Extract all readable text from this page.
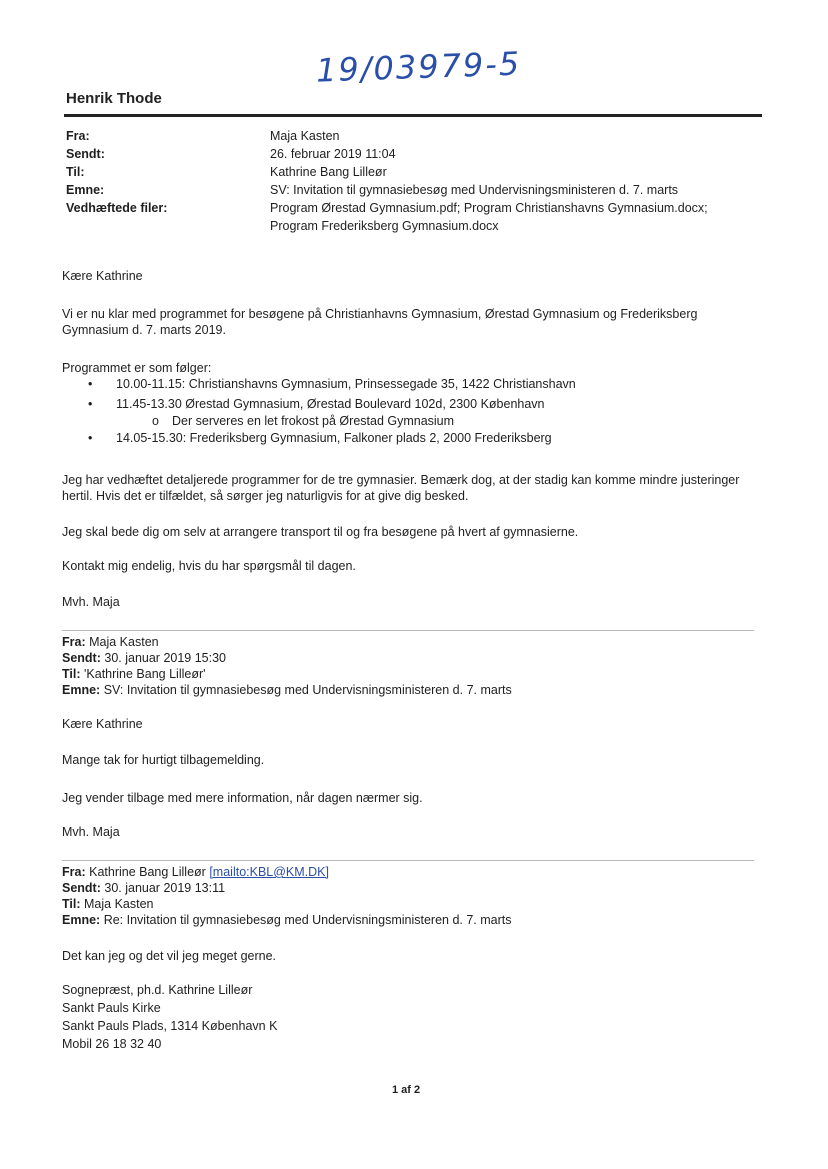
19/03979-5
Henrik Thode
Fra:	Maja Kasten
Sendt:	26. februar 2019 11:04
Til:	Kathrine Bang Lilleør
Emne:	SV: Invitation til gymnasiebesøg med Undervisningsministeren d. 7. marts
Vedhæftede filer:	Program Ørestad Gymnasium.pdf; Program Christianshavns Gymnasium.docx;
Program Frederiksberg Gymnasium.docx
Kære Kathrine
Vi er nu klar med programmet for besøgene på Christianhavns Gymnasium, Ørestad Gymnasium og Frederiksberg Gymnasium d. 7. marts 2019.
Programmet er som følger:
• 10.00-11.15: Christianshavns Gymnasium, Prinsessegade 35, 1422 Christianshavn
• 11.45-13.30 Ørestad Gymnasium, Ørestad Boulevard 102d, 2300 København
o Der serveres en let frokost på Ørestad Gymnasium
• 14.05-15.30: Frederiksberg Gymnasium, Falkoner plads 2, 2000 Frederiksberg
Jeg har vedhæftet detaljerede programmer for de tre gymnasier. Bemærk dog, at der stadig kan komme mindre justeringer hertil. Hvis det er tilfældet, så sørger jeg naturligvis for at give dig besked.
Jeg skal bede dig om selv at arrangere transport til og fra besøgene på hvert af gymnasierne.
Kontakt mig endelig, hvis du har spørgsmål til dagen.
Mvh. Maja
Fra: Maja Kasten
Sendt: 30. januar 2019 15:30
Til: 'Kathrine Bang Lilleør'
Emne: SV: Invitation til gymnasiebesøg med Undervisningsministeren d. 7. marts
Kære Kathrine
Mange tak for hurtigt tilbagemelding.
Jeg vender tilbage med mere information, når dagen nærmer sig.
Mvh. Maja
Fra: Kathrine Bang Lilleør [mailto:KBL@KM.DK]
Sendt: 30. januar 2019 13:11
Til: Maja Kasten
Emne: Re: Invitation til gymnasiebesøg med Undervisningsministeren d. 7. marts
Det kan jeg og det vil jeg meget gerne.
Sognepræst, ph.d. Kathrine Lilleør
Sankt Pauls Kirke
Sankt Pauls Plads, 1314 København K
Mobil 26 18 32 40
1 af 2
